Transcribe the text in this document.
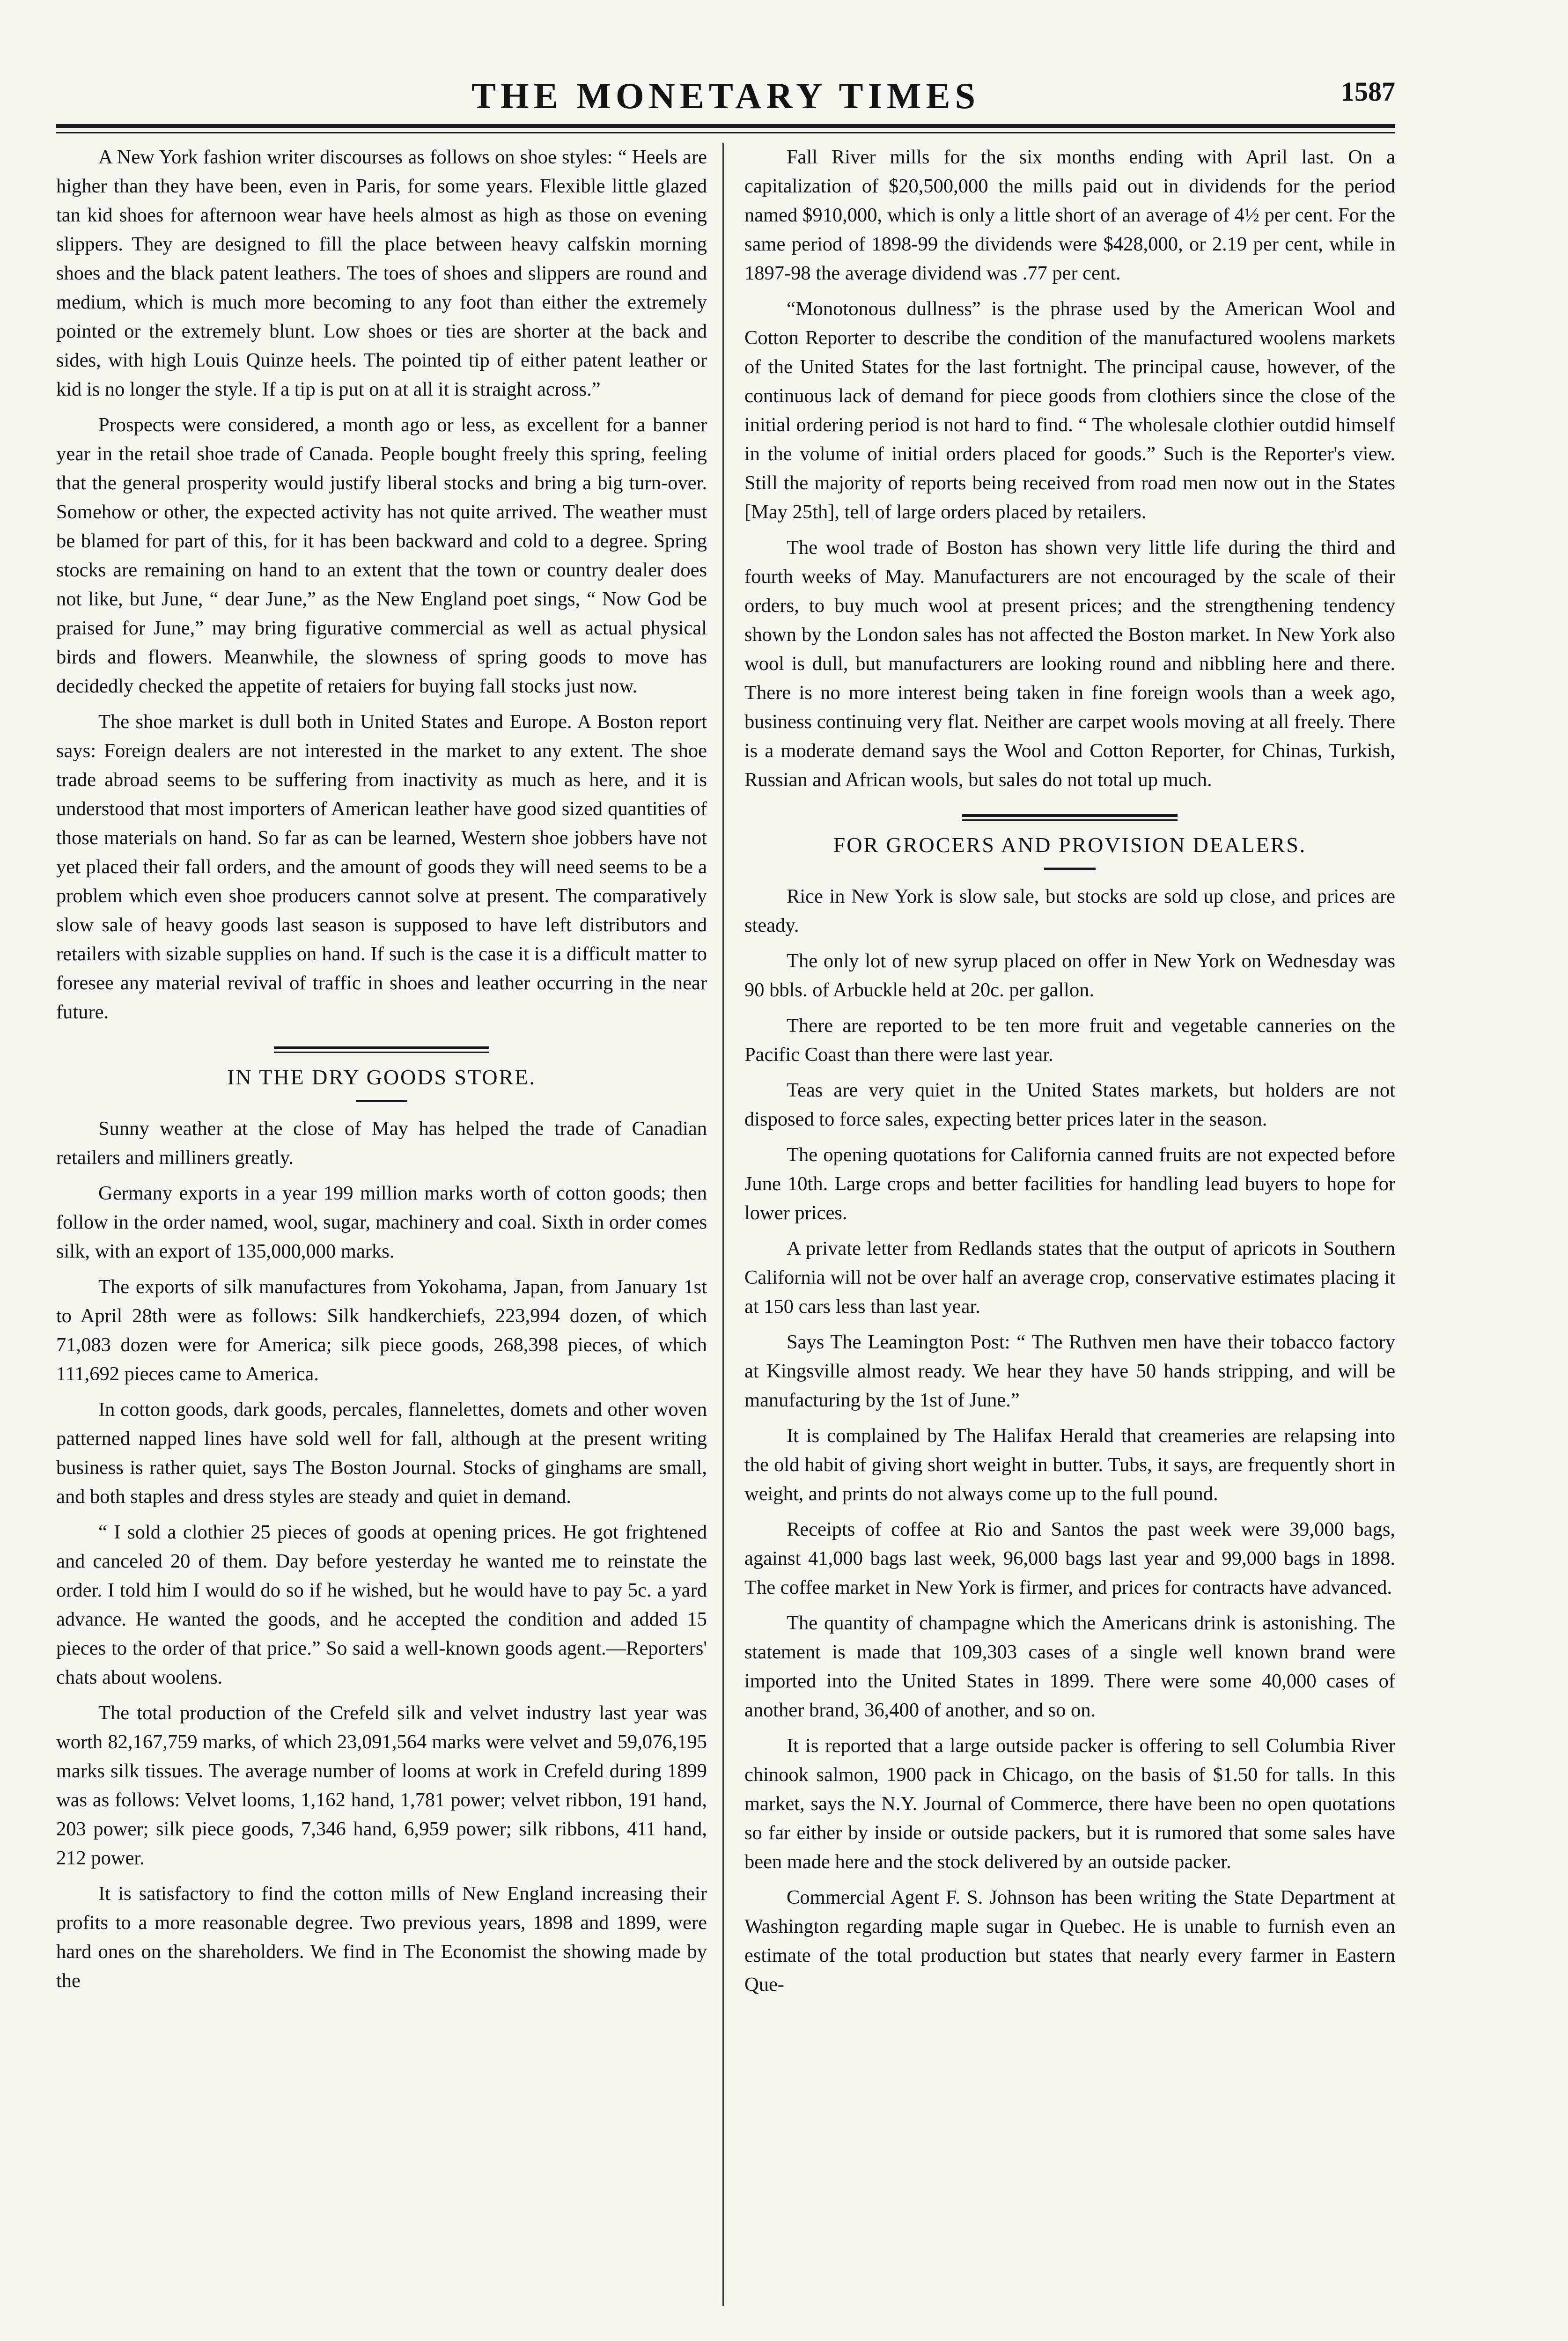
THE MONETARY TIMES	1587

A New York fashion writer discourses as follows on shoe styles: “ Heels are higher than they have been, even in Paris, for some years. Flexible little glazed tan kid shoes for afternoon wear have heels almost as high as those on evening slippers. They are designed to fill the place between heavy calfskin morning shoes and the black patent leathers. The toes of shoes and slippers are round and medium, which is much more becoming to any foot than either the extremely pointed or the extremely blunt. Low shoes or ties are shorter at the back and sides, with high Louis Quinze heels. The pointed tip of either patent leather or kid is no longer the style. If a tip is put on at all it is straight across.”

Prospects were considered, a month ago or less, as excellent for a banner year in the retail shoe trade of Canada. People bought freely this spring, feeling that the general prosperity would justify liberal stocks and bring a big turn-over. Somehow or other, the expected activity has not quite arrived. The weather must be blamed for part of this, for it has been backward and cold to a degree. Spring stocks are remaining on hand to an extent that the town or country dealer does not like, but June, “ dear June,” as the New England poet sings, “ Now God be praised for June,” may bring figurative commercial as well as actual physical birds and flowers. Meanwhile, the slowness of spring goods to move has decidedly checked the appetite of retaiers for buying fall stocks just now.

The shoe market is dull both in United States and Europe. A Boston report says: Foreign dealers are not interested in the market to any extent. The shoe trade abroad seems to be suffering from inactivity as much as here, and it is understood that most importers of American leather have good sized quantities of those materials on hand. So far as can be learned, Western shoe jobbers have not yet placed their fall orders, and the amount of goods they will need seems to be a problem which even shoe producers cannot solve at present. The comparatively slow sale of heavy goods last season is supposed to have left distributors and retailers with sizable supplies on hand. If such is the case it is a difficult matter to foresee any material revival of traffic in shoes and leather occurring in the near future.

IN THE DRY GOODS STORE.

Sunny weather at the close of May has helped the trade of Canadian retailers and milliners greatly.

Germany exports in a year 199 million marks worth of cotton goods; then follow in the order named, wool, sugar, machinery and coal. Sixth in order comes silk, with an export of 135,000,000 marks.

The exports of silk manufactures from Yokohama, Japan, from January 1st to April 28th were as follows: Silk handkerchiefs, 223,994 dozen, of which 71,083 dozen were for America; silk piece goods, 268,398 pieces, of which 111,692 pieces came to America.

In cotton goods, dark goods, percales, flannelettes, domets and other woven patterned napped lines have sold well for fall, although at the present writing business is rather quiet, says The Boston Journal. Stocks of ginghams are small, and both staples and dress styles are steady and quiet in demand.

“ I sold a clothier 25 pieces of goods at opening prices. He got frightened and canceled 20 of them. Day before yesterday he wanted me to reinstate the order. I told him I would do so if he wished, but he would have to pay 5c. a yard advance. He wanted the goods, and he accepted the condition and added 15 pieces to the order of that price.” So said a well-known goods agent.—Reporters' chats about woolens.

The total production of the Crefeld silk and velvet industry last year was worth 82,167,759 marks, of which 23,091,564 marks were velvet and 59,076,195 marks silk tissues. The average number of looms at work in Crefeld during 1899 was as follows: Velvet looms, 1,162 hand, 1,781 power; velvet ribbon, 191 hand, 203 power; silk piece goods, 7,346 hand, 6,959 power; silk ribbons, 411 hand, 212 power.

It is satisfactory to find the cotton mills of New England increasing their profits to a more reasonable degree. Two previous years, 1898 and 1899, were hard ones on the shareholders. We find in The Economist the showing made by the

Fall River mills for the six months ending with April last. On a capitalization of $20,500,000 the mills paid out in dividends for the period named $910,000, which is only a little short of an average of 4½ per cent. For the same period of 1898-99 the dividends were $428,000, or 2.19 per cent, while in 1897-98 the average dividend was .77 per cent.

“Monotonous dullness” is the phrase used by the American Wool and Cotton Reporter to describe the condition of the manufactured woolens markets of the United States for the last fortnight. The principal cause, however, of the continuous lack of demand for piece goods from clothiers since the close of the initial ordering period is not hard to find. “ The wholesale clothier outdid himself in the volume of initial orders placed for goods.” Such is the Reporter's view. Still the majority of reports being received from road men now out in the States [May 25th], tell of large orders placed by retailers.

The wool trade of Boston has shown very little life during the third and fourth weeks of May. Manufacturers are not encouraged by the scale of their orders, to buy much wool at present prices; and the strengthening tendency shown by the London sales has not affected the Boston market. In New York also wool is dull, but manufacturers are looking round and nibbling here and there. There is no more interest being taken in fine foreign wools than a week ago, business continuing very flat. Neither are carpet wools moving at all freely. There is a moderate demand says the Wool and Cotton Reporter, for Chinas, Turkish, Russian and African wools, but sales do not total up much.

FOR GROCERS AND PROVISION DEALERS.

Rice in New York is slow sale, but stocks are sold up close, and prices are steady.

The only lot of new syrup placed on offer in New York on Wednesday was 90 bbls. of Arbuckle held at 20c. per gallon.

There are reported to be ten more fruit and vegetable canneries on the Pacific Coast than there were last year.

Teas are very quiet in the United States markets, but holders are not disposed to force sales, expecting better prices later in the season.

The opening quotations for California canned fruits are not expected before June 10th. Large crops and better facilities for handling lead buyers to hope for lower prices.

A private letter from Redlands states that the output of apricots in Southern California will not be over half an average crop, conservative estimates placing it at 150 cars less than last year.

Says The Leamington Post: “ The Ruthven men have their tobacco factory at Kingsville almost ready. We hear they have 50 hands stripping, and will be manufacturing by the 1st of June.”

It is complained by The Halifax Herald that creameries are relapsing into the old habit of giving short weight in butter. Tubs, it says, are frequently short in weight, and prints do not always come up to the full pound.

Receipts of coffee at Rio and Santos the past week were 39,000 bags, against 41,000 bags last week, 96,000 bags last year and 99,000 bags in 1898. The coffee market in New York is firmer, and prices for contracts have advanced.

The quantity of champagne which the Americans drink is astonishing. The statement is made that 109,303 cases of a single well known brand were imported into the United States in 1899. There were some 40,000 cases of another brand, 36,400 of another, and so on.

It is reported that a large outside packer is offering to sell Columbia River chinook salmon, 1900 pack in Chicago, on the basis of $1.50 for talls. In this market, says the N.Y. Journal of Commerce, there have been no open quotations so far either by inside or outside packers, but it is rumored that some sales have been made here and the stock delivered by an outside packer.

Commercial Agent F. S. Johnson has been writing the State Department at Washington regarding maple sugar in Quebec. He is unable to furnish even an estimate of the total production but states that nearly every farmer in Eastern Que-
